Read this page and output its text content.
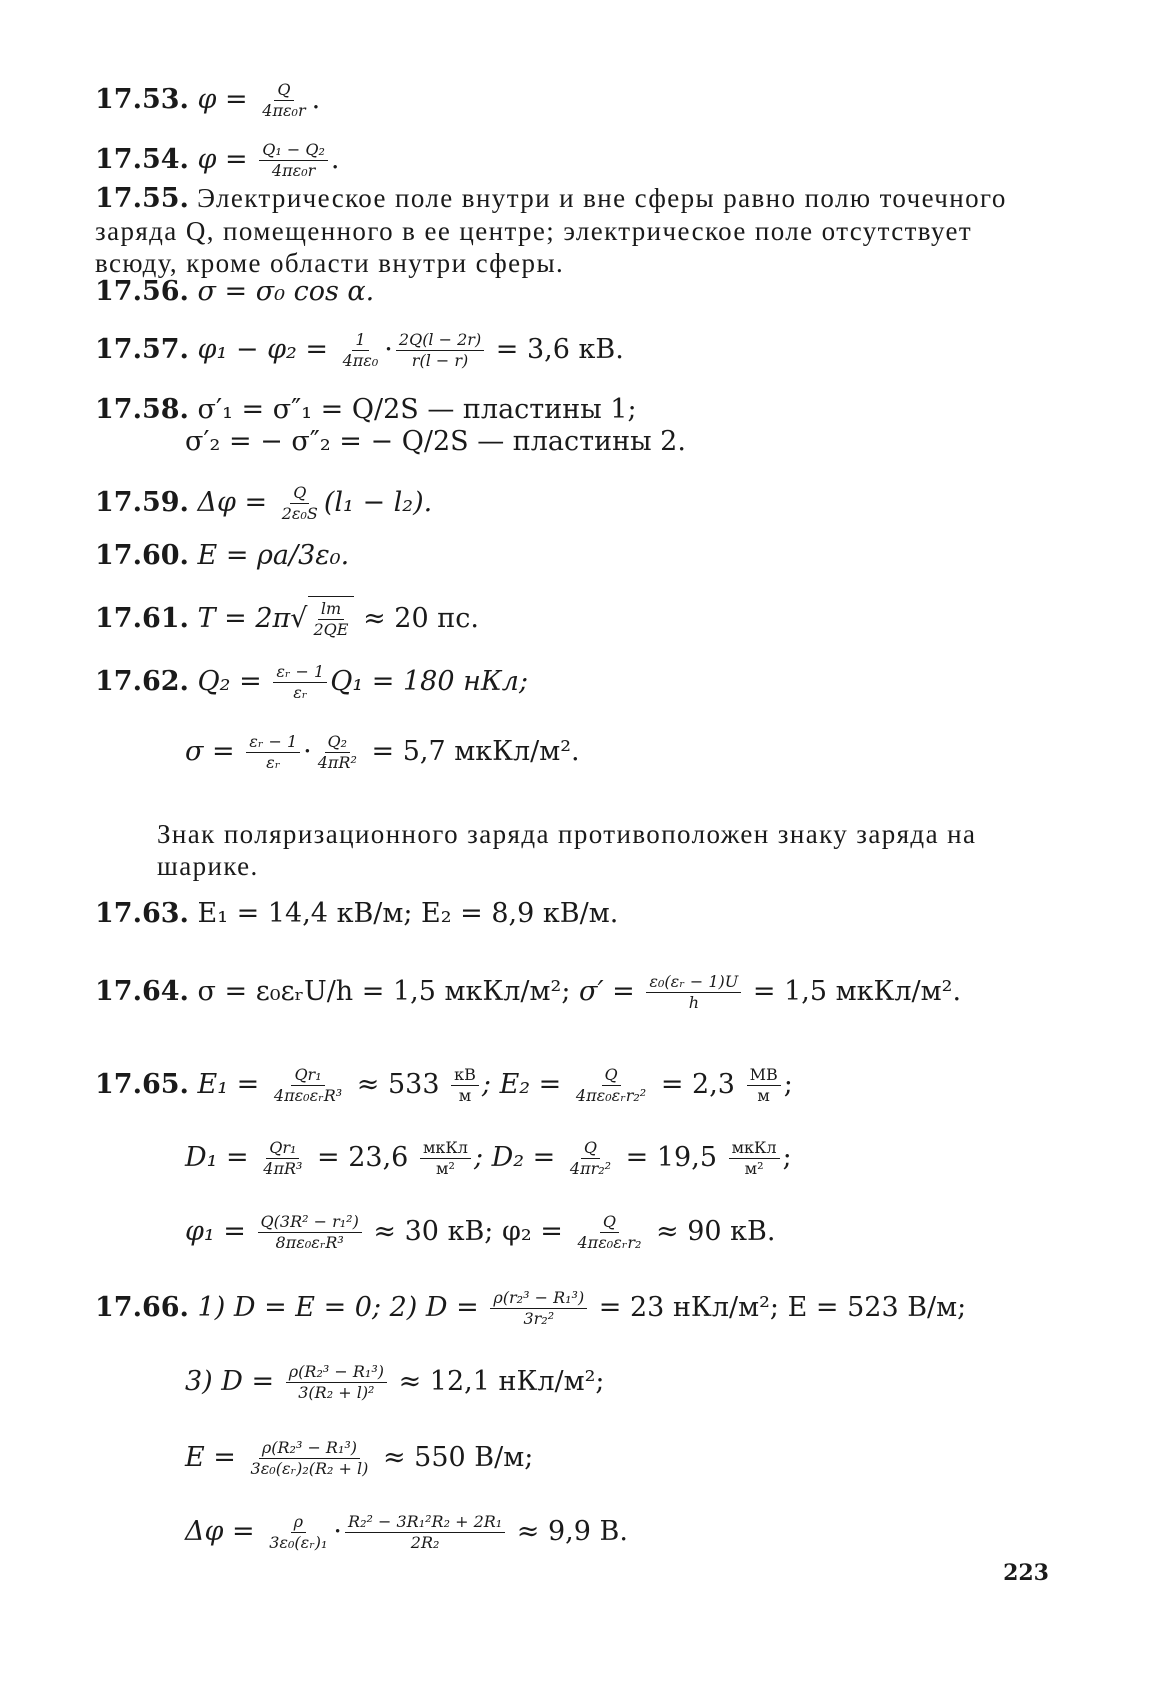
17.53. $\varphi = \frac{Q}{\text{4πε₀r}}$ .
17.54. $\varphi = \frac{\text{Q₁ − Q₂}}{\text{4πε₀r}}$ .
17.55. Электрическое поле внутри и вне сферы равно полю точечного заряда Q, помещенного в ее центре; электрическое поле отсутствует всюду, кроме области внутри сферы.
17.56. σ = σ₀ cos α.
17.57. $\varphi_1 - \varphi_2 = \frac{1}{\text{4πε₀}} \cdot \frac{2Q(l - 2r)}{r(l - r)} = 3,6$ кВ.
17.58. σ′₁ = σ″₁ = Q/2S — пластины 1;
σ′₂ = − σ″₂ = − Q/2S — пластины 2.
17.59. $\Delta\varphi = \frac{Q}{\text{2ε₀S}} (l_1 - l_2)$.
17.60. E = ρa/3ε₀.
17.61. $T = 2\pi√ \frac{lm}{2QE} \approx 20$ пс.
17.62. $Q_2 = \frac{\text{εᵣ − 1}}{\text{εᵣ}} Q_1 = 180$ нКл;
$\sigma = \frac{\text{εᵣ − 1}}{\text{εᵣ}} \cdot \frac{\text{Q₂}}{\text{4πR²}} = 5,7$ мкКл/м².
Знак поляризационного заряда противоположен знаку заряда на шарике.
17.63. E₁ = 14,4 кВ/м; E₂ = 8,9 кВ/м.
17.64. σ = ε₀εᵣU/h = 1,5 мкКл/м²; $\sigma' = \frac{\text{ε₀(εᵣ − 1)U}}{h} = 1,5$ мкКл/м².
17.65. $E_1 = \frac{\text{Qr₁}}{\text{4πε₀εᵣR³}} \approx 533 \frac{кВ}{м}$ ; $E_2 = \frac{Q}{\text{4πε₀εᵣr₂²}} = 2,3 \frac{МВ}{м}$ ;
$D_1 = \frac{\text{Qr₁}}{\text{4πR³}} = 23,6 \frac{\text{мкКл}}{\text{м²}}$ ; $D_2 = \frac{Q}{\text{4πr₂²}} = 19,5 \frac{\text{мкКл}}{\text{м²}}$ ;
$\varphi_1 = \frac{\text{Q(3R² − r₁²)}}{\text{8πε₀εᵣR³}} \approx 30$ кВ; $\varphi_2 = \frac{Q}{\text{4πε₀εᵣr₂}} \approx 90$ кВ.
17.66. 1) D = E = 0; 2) $D = \frac{\text{ρ(r₂³ − R₁³)}}{\text{3r₂²}} = 23$ нКл/м²; E = 523 В/м;
3) $D = \frac{\text{ρ(R₂³ − R₁³)}}{\text{3(R₂ + l)²}} \approx 12,1$ нКл/м²;
$E = \frac{\text{ρ(R₂³ − R₁³)}}{\text{3ε₀(εᵣ)₂(R₂ + l)}} \approx 550$ В/м;
$\Delta\varphi = \frac{\rho}{\text{3ε₀(εᵣ)₁}} \cdot \frac{\text{R₂² − 3R₁²R₂ + 2R₁}}{\text{2R₂}} \approx 9,9$ В.
223
